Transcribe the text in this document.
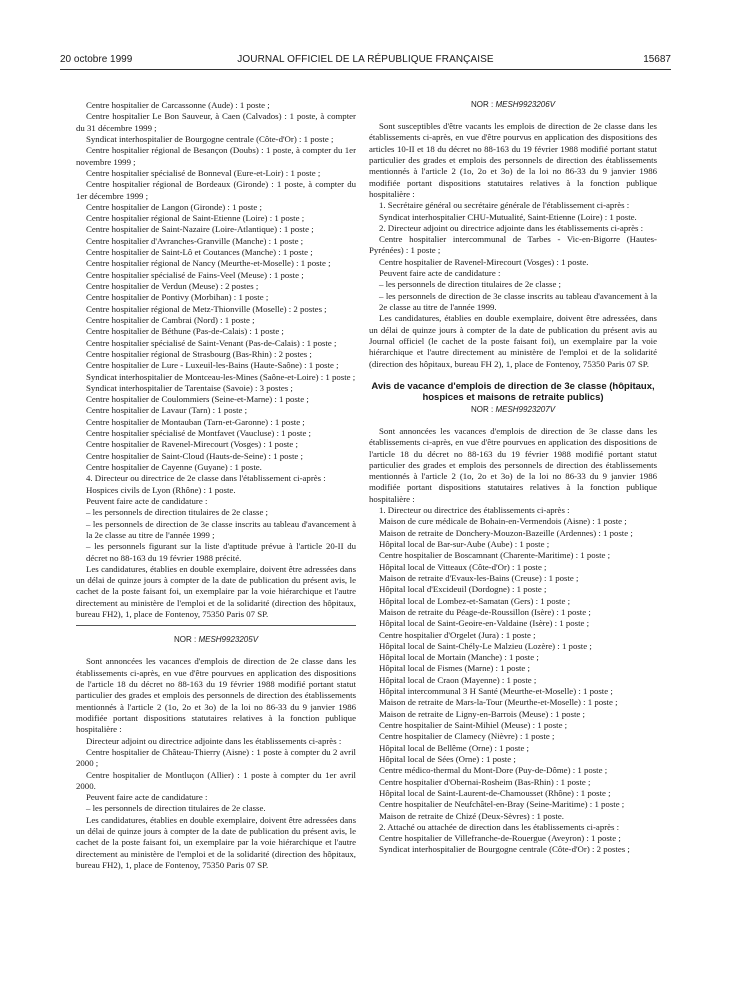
20 octobre 1999	JOURNAL OFFICIEL DE LA RÉPUBLIQUE FRANÇAISE	15687

Centre hospitalier de Carcassonne (Aude) : 1 poste ;

Centre hospitalier Le Bon Sauveur, à Caen (Calvados) : 1 poste, à compter du 31 décembre 1999 ;

Syndicat interhospitalier de Bourgogne centrale (Côte-d'Or) : 1 poste ;

Centre hospitalier régional de Besançon (Doubs) : 1 poste, à compter du 1er novembre 1999 ;

Centre hospitalier spécialisé de Bonneval (Eure-et-Loir) : 1 poste ;

Centre hospitalier régional de Bordeaux (Gironde) : 1 poste, à compter du 1er décembre 1999 ;

Centre hospitalier de Langon (Gironde) : 1 poste ;

Centre hospitalier régional de Saint-Etienne (Loire) : 1 poste ;

Centre hospitalier de Saint-Nazaire (Loire-Atlantique) : 1 poste ;

Centre hospitalier d'Avranches-Granville (Manche) : 1 poste ;

Centre hospitalier de Saint-Lô et Coutances (Manche) : 1 poste ;

Centre hospitalier régional de Nancy (Meurthe-et-Moselle) : 1 poste ;

Centre hospitalier spécialisé de Fains-Veel (Meuse) : 1 poste ;

Centre hospitalier de Verdun (Meuse) : 2 postes ;

Centre hospitalier de Pontivy (Morbihan) : 1 poste ;

Centre hospitalier régional de Metz-Thionville (Moselle) : 2 postes ;

Centre hospitalier de Cambrai (Nord) : 1 poste ;

Centre hospitalier de Béthune (Pas-de-Calais) : 1 poste ;

Centre hospitalier spécialisé de Saint-Venant (Pas-de-Calais) : 1 poste ;

Centre hospitalier régional de Strasbourg (Bas-Rhin) : 2 postes ;

Centre hospitalier de Lure - Luxeuil-les-Bains (Haute-Saône) : 1 poste ;

Syndicat interhospitalier de Montceau-les-Mines (Saône-et-Loire) : 1 poste ;

Syndicat interhospitalier de Tarentaise (Savoie) : 3 postes ;

Centre hospitalier de Coulommiers (Seine-et-Marne) : 1 poste ;

Centre hospitalier de Lavaur (Tarn) : 1 poste ;

Centre hospitalier de Montauban (Tarn-et-Garonne) : 1 poste ;

Centre hospitalier spécialisé de Montfavet (Vaucluse) : 1 poste ;

Centre hospitalier de Ravenel-Mirecourt (Vosges) : 1 poste ;

Centre hospitalier de Saint-Cloud (Hauts-de-Seine) : 1 poste ;

Centre hospitalier de Cayenne (Guyane) : 1 poste.

4. Directeur ou directrice de 2e classe dans l'établissement ci-après :

Hospices civils de Lyon (Rhône) : 1 poste.

Peuvent faire acte de candidature :

– les personnels de direction titulaires de 2e classe ;

– les personnels de direction de 3e classe inscrits au tableau d'avancement à la 2e classe au titre de l'année 1999 ;

– les personnels figurant sur la liste d'aptitude prévue à l'article 20-II du décret no 88-163 du 19 février 1988 précité.

Les candidatures, établies en double exemplaire, doivent être adressées dans un délai de quinze jours à compter de la date de publication du présent avis, le cachet de la poste faisant foi, un exemplaire par la voie hiérarchique et l'autre directement au ministère de l'emploi et de la solidarité (direction des hôpitaux, bureau FH2), 1, place de Fontenoy, 75350 Paris 07 SP.

NOR : MESH9923205V

Sont annoncées les vacances d'emplois de direction de 2e classe dans les établissements ci-après, en vue d'être pourvues en application des dispositions de l'article 18 du décret no 88-163 du 19 février 1988 modifié portant statut particulier des grades et emplois des personnels de direction des établissements mentionnés à l'article 2 (1o, 2o et 3o) de la loi no 86-33 du 9 janvier 1986 modifiée portant dispositions statutaires relatives à la fonction publique hospitalière :

Directeur adjoint ou directrice adjointe dans les établissements ci-après :

Centre hospitalier de Château-Thierry (Aisne) : 1 poste à compter du 2 avril 2000 ;

Centre hospitalier de Montluçon (Allier) : 1 poste à compter du 1er avril 2000.

Peuvent faire acte de candidature :

– les personnels de direction titulaires de 2e classe.

Les candidatures, établies en double exemplaire, doivent être adressées dans un délai de quinze jours à compter de la date de publication du présent avis, le cachet de la poste faisant foi, un exemplaire par la voie hiérarchique et l'autre directement au ministère de l'emploi et de la solidarité (direction des hôpitaux, bureau FH2), 1, place de Fontenoy, 75350 Paris 07 SP.

NOR : MESH9923206V

Sont susceptibles d'être vacants les emplois de direction de 2e classe dans les établissements ci-après, en vue d'être pourvus en application des dispositions des articles 10-II et 18 du décret no 88-163 du 19 février 1988 modifié portant statut particulier des grades et emplois des personnels de direction des établissements mentionnés à l'article 2 (1o, 2o et 3o) de la loi no 86-33 du 9 janvier 1986 modifiée portant dispositions statutaires relatives à la fonction publique hospitalière :

1. Secrétaire général ou secrétaire générale de l'établissement ci-après :

Syndicat interhospitalier CHU-Mutualité, Saint-Etienne (Loire) : 1 poste.

2. Directeur adjoint ou directrice adjointe dans les établissements ci-après :

Centre hospitalier intercommunal de Tarbes - Vic-en-Bigorre (Hautes-Pyrénées) : 1 poste ;

Centre hospitalier de Ravenel-Mirecourt (Vosges) : 1 poste.

Peuvent faire acte de candidature :

– les personnels de direction titulaires de 2e classe ;

– les personnels de direction de 3e classe inscrits au tableau d'avancement à la 2e classe au titre de l'année 1999.

Les candidatures, établies en double exemplaire, doivent être adressées, dans un délai de quinze jours à compter de la date de publication du présent avis au Journal officiel (le cachet de la poste faisant foi), un exemplaire par la voie hiérarchique et l'autre directement au ministère de l'emploi et de la solidarité (direction des hôpitaux, bureau FH 2), 1, place de Fontenoy, 75350 Paris 07 SP.

Avis de vacance d'emplois de direction de 3e classe (hôpitaux, hospices et maisons de retraite publics)
NOR : MESH9923207V

Sont annoncées les vacances d'emplois de direction de 3e classe dans les établissements ci-après, en vue d'être pourvues en application des dispositions de l'article 18 du décret no 88-163 du 19 février 1988 modifié portant statut particulier des grades et emplois des personnels de direction des établissements mentionnés à l'article 2 (1o, 2o et 3o) de la loi no 86-33 du 9 janvier 1986 modifiée portant dispositions statutaires relatives à la fonction publique hospitalière :

1. Directeur ou directrice des établissements ci-après :

Maison de cure médicale de Bohain-en-Vermendois (Aisne) : 1 poste ;

Maison de retraite de Donchery-Mouzon-Bazeille (Ardennes) : 1 poste ;

Hôpital local de Bar-sur-Aube (Aube) : 1 poste ;

Centre hospitalier de Boscamnant (Charente-Maritime) : 1 poste ;

Hôpital local de Vitteaux (Côte-d'Or) : 1 poste ;

Maison de retraite d'Evaux-les-Bains (Creuse) : 1 poste ;

Hôpital local d'Excideuil (Dordogne) : 1 poste ;

Hôpital local de Lombez-et-Samatan (Gers) : 1 poste ;

Maison de retraite du Péage-de-Roussillon (Isère) : 1 poste ;

Hôpital local de Saint-Geoire-en-Valdaine (Isère) : 1 poste ;

Centre hospitalier d'Orgelet (Jura) : 1 poste ;

Hôpital local de Saint-Chély-Le Malzieu (Lozère) : 1 poste ;

Hôpital local de Mortain (Manche) : 1 poste ;

Hôpital local de Fismes (Marne) : 1 poste ;

Hôpital local de Craon (Mayenne) : 1 poste ;

Hôpital intercommunal 3 H Santé (Meurthe-et-Moselle) : 1 poste ;

Maison de retraite de Mars-la-Tour (Meurthe-et-Moselle) : 1 poste ;

Maison de retraite de Ligny-en-Barrois (Meuse) : 1 poste ;

Centre hospitalier de Saint-Mihiel (Meuse) : 1 poste ;

Centre hospitalier de Clamecy (Nièvre) : 1 poste ;

Hôpital local de Bellême (Orne) : 1 poste ;

Hôpital local de Sées (Orne) : 1 poste ;

Centre médico-thermal du Mont-Dore (Puy-de-Dôme) : 1 poste ;

Centre hospitalier d'Obernai-Rosheim (Bas-Rhin) : 1 poste ;

Hôpital local de Saint-Laurent-de-Chamousset (Rhône) : 1 poste ;

Centre hospitalier de Neufchâtel-en-Bray (Seine-Maritime) : 1 poste ;

Maison de retraite de Chizé (Deux-Sèvres) : 1 poste.

2. Attaché ou attachée de direction dans les établissements ci-après :

Centre hospitalier de Villefranche-de-Rouergue (Aveyron) : 1 poste ;

Syndicat interhospitalier de Bourgogne centrale (Côte-d'Or) : 2 postes ;
